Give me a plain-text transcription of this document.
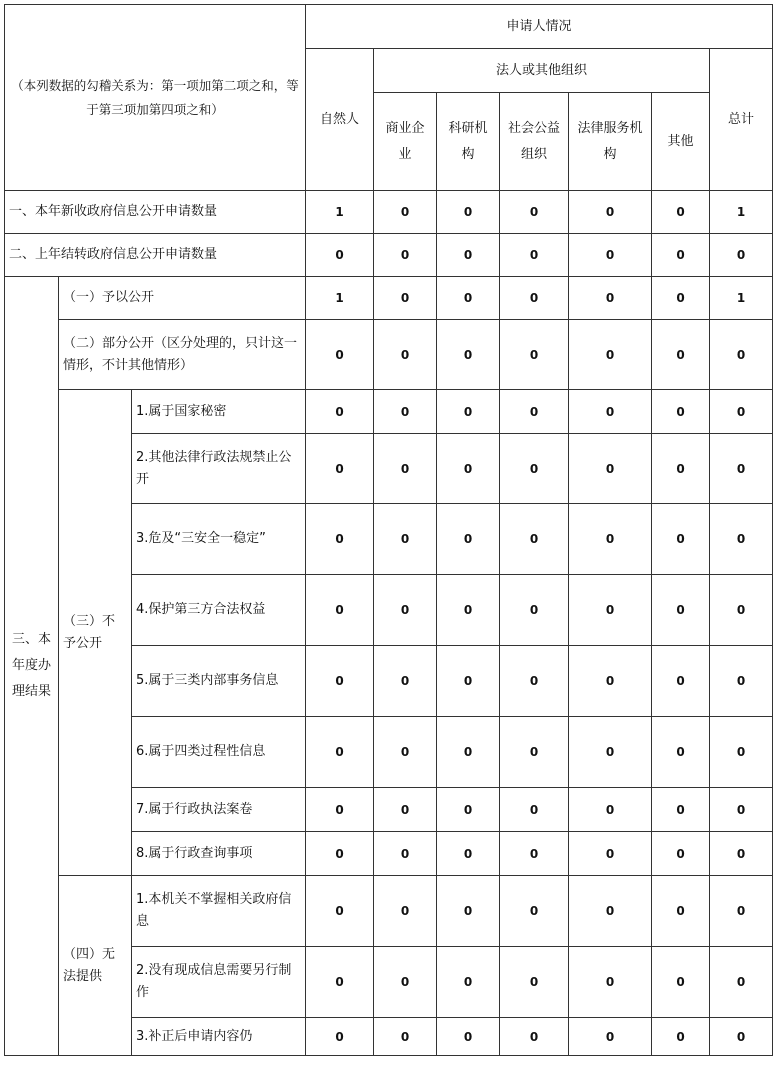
（本列数据的勾稽关系为：第一项加第二项之和，等于第三项加第四项之和）			申请人情况						
			自然人	法人或其他组织					总计
				商业企业	科研机构	社会公益组织	法律服务机构	其他	
一、本年新收政府信息公开申请数量			1	0	0	0	0	0	1
二、上年结转政府信息公开申请数量			0	0	0	0	0	0	0
三、本年度办理结果	（一）予以公开		1	0	0	0	0	0	1
	（二）部分公开（区分处理的，只计这一情形，不计其他情形）		0	0	0	0	0	0	0
	（三）不予公开	1.属于国家秘密	0	0	0	0	0	0	0
		2.其他法律行政法规禁止公开	0	0	0	0	0	0	0
		3.危及“三安全一稳定”	0	0	0	0	0	0	0
		4.保护第三方合法权益	0	0	0	0	0	0	0
		5.属于三类内部事务信息	0	0	0	0	0	0	0
		6.属于四类过程性信息	0	0	0	0	0	0	0
		7.属于行政执法案卷	0	0	0	0	0	0	0
		8.属于行政查询事项	0	0	0	0	0	0	0
	（四）无法提供	1.本机关不掌握相关政府信息	0	0	0	0	0	0	0
		2.没有现成信息需要另行制作	0	0	0	0	0	0	0
		3.补正后申请内容仍	0	0	0	0	0	0	0
